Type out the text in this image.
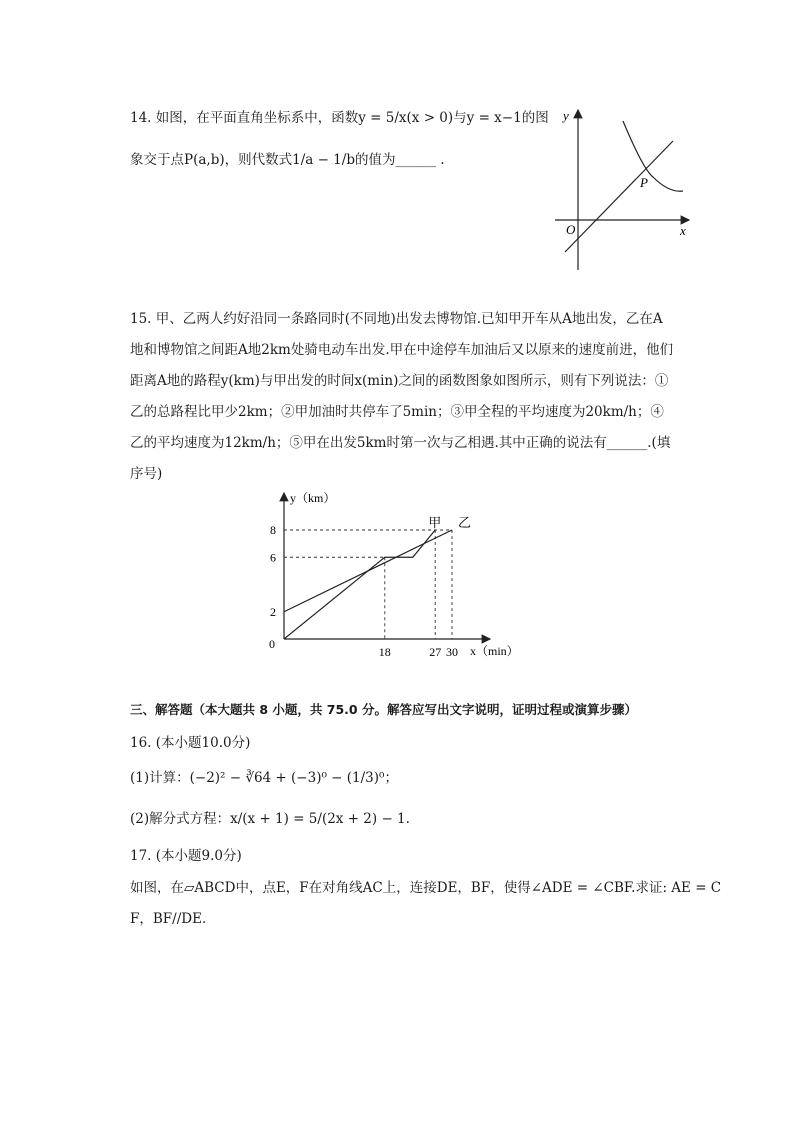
14. 如图，在平面直角坐标系中，函数y = 5/x(x > 0)与y = x−1的图
象交于点P(a,b)，则代数式1/a − 1/b的值为______ .
y
x
O
P
15. 甲、乙两人约好沿同一条路同时(不同地)出发去博物馆.已知甲开车从A地出发，乙在A
地和博物馆之间距A地2km处骑电动车出发.甲在中途停车加油后又以原来的速度前进，他们
距离A地的路程y(km)与甲出发的时间x(min)之间的函数图象如图所示，则有下列说法：①
乙的总路程比甲少2km；②甲加油时共停车了5min；③甲全程的平均速度为20km/h；④
乙的平均速度为12km/h；⑤甲在出发5km时第一次与乙相遇.其中正确的说法有______.(填
序号)
甲 乙
18	27 30
8
6
2
y（km）
x（min）
0
三、解答题（本大题共 8 小题，共 75.0 分。解答应写出文字说明，证明过程或演算步骤）
16. (本小题10.0分)
(1)计算：(−2)² − ∛64 + (−3)⁰ − (1/3)⁰；
(2)解分式方程：x/(x + 1) = 5/(2x + 2) − 1.
17. (本小题9.0分)
如图，在▱ABCD中，点E，F在对角线AC上，连接DE，BF，使得∠ADE = ∠CBF.求证: AE = C
F，BF//DE.
